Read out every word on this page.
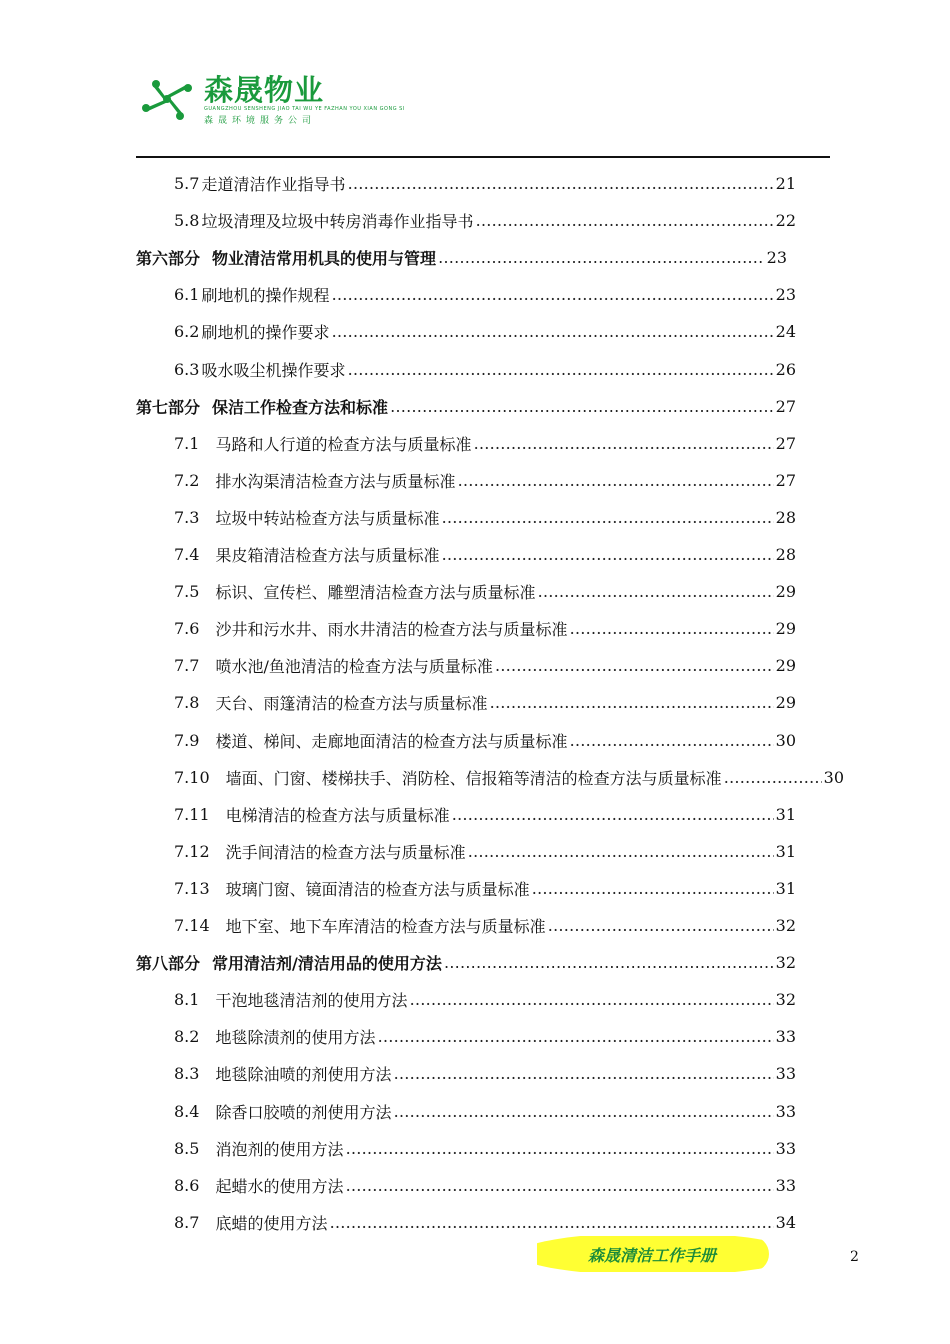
森晟物业
GUANGZHOU SENSHENG JIAO TAI WU YE FAZHAN YOU XIAN GONG SI
森晟环境服务公司
5.7 走道清洁作业指导书 …………………………………………………………………………………………………………………………………	21
5.8 垃圾清理及垃圾中转房消毒作业指导书 …………………………………………………………………………………………………………………………………	22
第六部分 物业清洁常用机具的使用与管理 …………………………………………………………………………………………………………………………………	23
6.1 刷地机的操作规程 …………………………………………………………………………………………………………………………………	23
6.2 刷地机的操作要求 …………………………………………………………………………………………………………………………………	24
6.3 吸水吸尘机操作要求 …………………………………………………………………………………………………………………………………	26
第七部分 保洁工作检查方法和标准 …………………………………………………………………………………………………………………………………	27
7.1 马路和人行道的检查方法与质量标准 …………………………………………………………………………………………………………………………………	27
7.2 排水沟渠清洁检查方法与质量标准 …………………………………………………………………………………………………………………………………	27
7.3 垃圾中转站检查方法与质量标准 …………………………………………………………………………………………………………………………………	28
7.4 果皮箱清洁检查方法与质量标准 …………………………………………………………………………………………………………………………………	28
7.5 标识、宣传栏、雕塑清洁检查方法与质量标准 …………………………………………………………………………………………………………………………………	29
7.6 沙井和污水井、雨水井清洁的检查方法与质量标准 …………………………………………………………………………………………………………………………………	29
7.7 喷水池/鱼池清洁的检查方法与质量标准 …………………………………………………………………………………………………………………………………	29
7.8 天台、雨篷清洁的检查方法与质量标准 …………………………………………………………………………………………………………………………………	29
7.9 楼道、梯间、走廊地面清洁的检查方法与质量标准 …………………………………………………………………………………………………………………………………	30
7.10 墙面、门窗、楼梯扶手、消防栓、信报箱等清洁的检查方法与质量标准 …………………………………………………………………………………………………………………………………	30
7.11 电梯清洁的检查方法与质量标准 …………………………………………………………………………………………………………………………………	31
7.12 洗手间清洁的检查方法与质量标准 …………………………………………………………………………………………………………………………………	31
7.13 玻璃门窗、镜面清洁的检查方法与质量标准 …………………………………………………………………………………………………………………………………	31
7.14 地下室、地下车库清洁的检查方法与质量标准 …………………………………………………………………………………………………………………………………	32
第八部分 常用清洁剂/清洁用品的使用方法 …………………………………………………………………………………………………………………………………	32
8.1 干泡地毯清洁剂的使用方法 …………………………………………………………………………………………………………………………………	32
8.2 地毯除渍剂的使用方法 …………………………………………………………………………………………………………………………………	33
8.3 地毯除油喷的剂使用方法 …………………………………………………………………………………………………………………………………	33
8.4 除香口胶喷的剂使用方法 …………………………………………………………………………………………………………………………………	33
8.5 消泡剂的使用方法 …………………………………………………………………………………………………………………………………	33
8.6 起蜡水的使用方法 …………………………………………………………………………………………………………………………………	33
8.7 底蜡的使用方法 …………………………………………………………………………………………………………………………………	34
森晟清洁工作手册	2
